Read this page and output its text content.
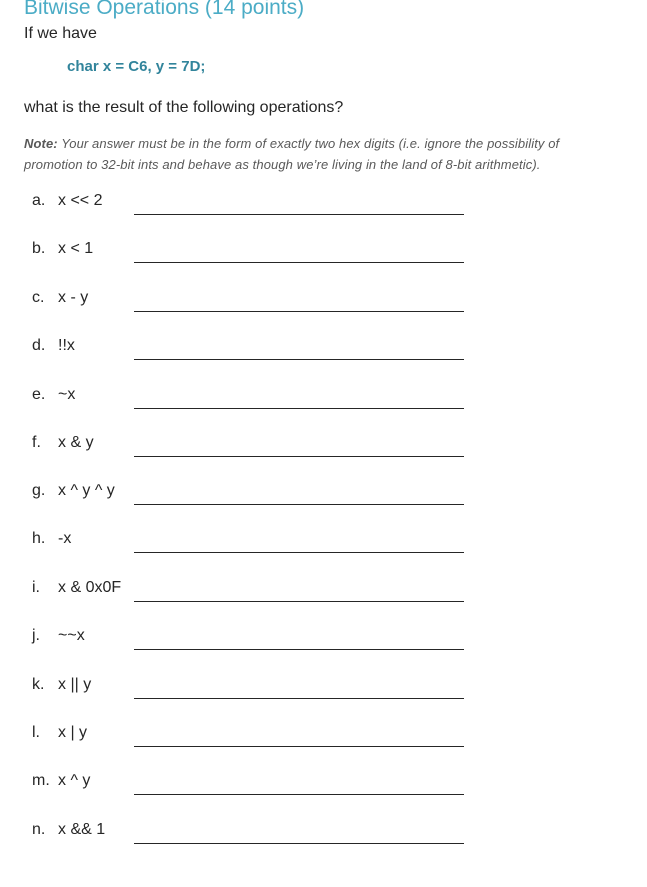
Bitwise Operations (14 points)
If we have
char x = C6, y = 7D;
what is the result of the following operations?
Note: Your answer must be in the form of exactly two hex digits (i.e. ignore the possibility of
promotion to 32-bit ints and behave as though we’re living in the land of 8-bit arithmetic).
a. x << 2
b. x < 1
c. x - y
d. !!x
e. ~x
f. x & y
g. x ^ y ^ y
h. -x
i. x & 0x0F
j. ~~x
k. x || y
l. x | y
m. x ^ y
n. x && 1
